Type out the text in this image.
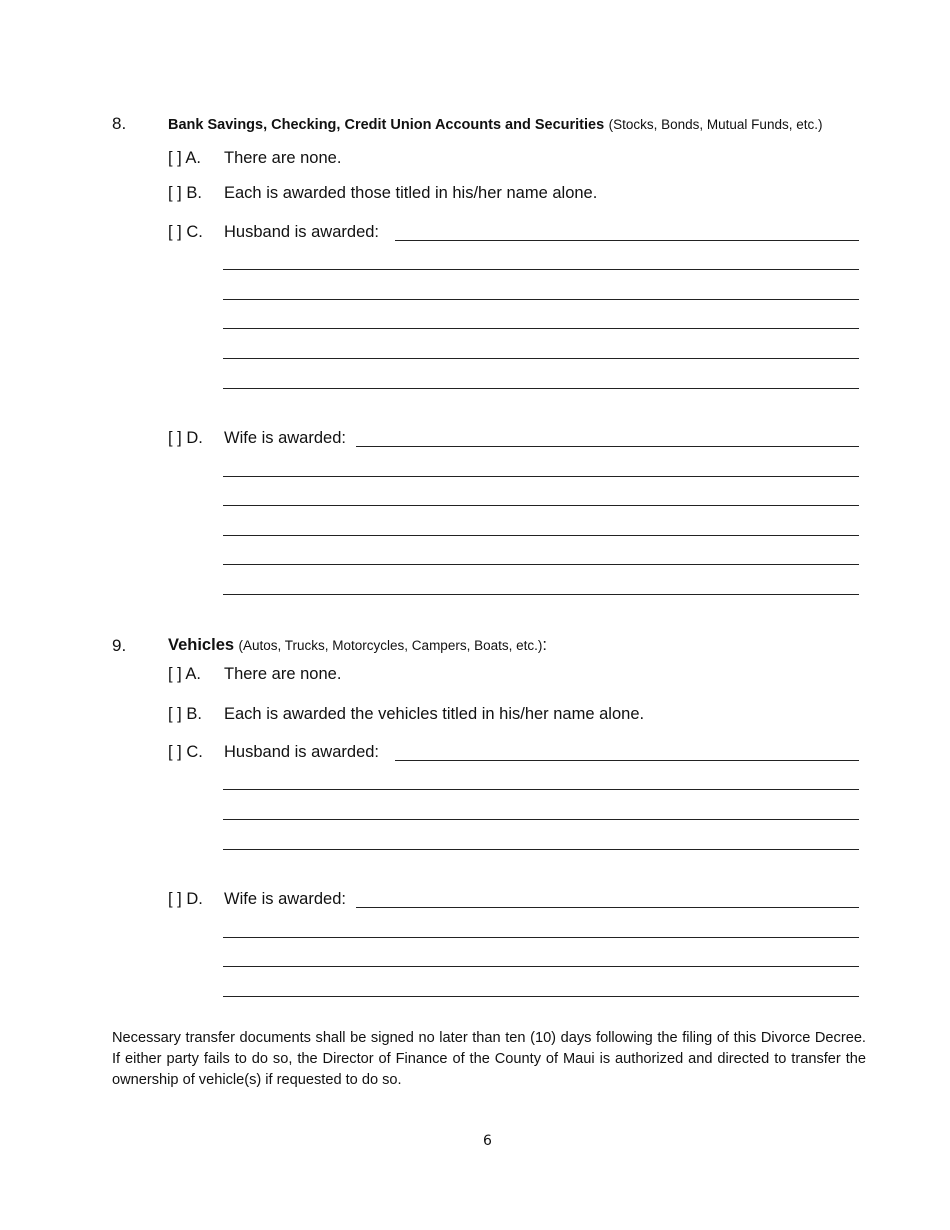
8.	Bank Savings, Checking, Credit Union Accounts and Securities (Stocks, Bonds, Mutual Funds, etc.)
[ ] A. There are none.
[ ] B. Each is awarded those titled in his/her name alone.
[ ] C. Husband is awarded:
[ ] D. Wife is awarded:
9.	Vehicles (Autos, Trucks, Motorcycles, Campers, Boats, etc.):
[ ] A. There are none.
[ ] B. Each is awarded the vehicles titled in his/her name alone.
[ ] C. Husband is awarded:
[ ] D. Wife is awarded:
Necessary transfer documents shall be signed no later than ten (10) days following the filing of this Divorce Decree. If either party fails to do so, the Director of Finance of the County of Maui is authorized and directed to transfer the ownership of vehicle(s) if requested to do so.
6
